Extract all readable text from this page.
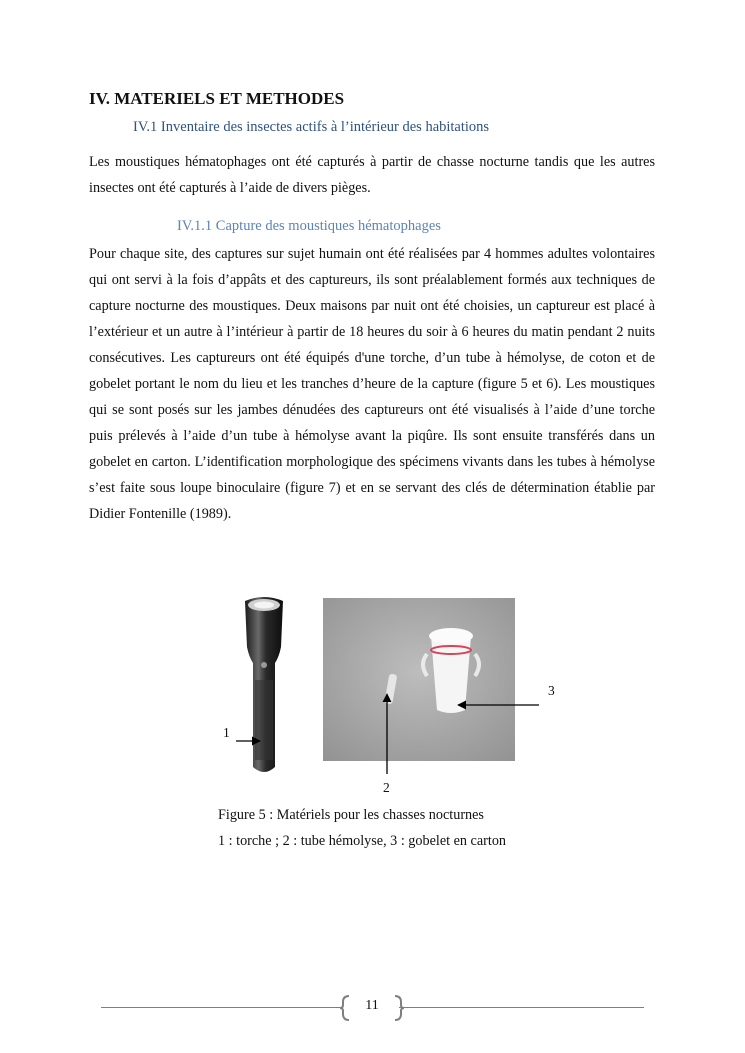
IV. MATERIELS ET METHODES
IV.1 Inventaire des insectes actifs à l’intérieur des habitations

Les moustiques hématophages ont été capturés à partir de chasse nocturne tandis que les autres insectes ont été capturés à l’aide de divers pièges.

IV.1.1 Capture des moustiques hématophages

Pour chaque site, des captures sur sujet humain ont été réalisées par 4 hommes adultes volontaires qui ont servi à la fois d’appâts et des captureurs, ils sont préalablement formés aux techniques de capture nocturne des moustiques. Deux maisons par nuit ont été choisies, un captureur est placé à l’extérieur et un autre à l’intérieur à partir de 18 heures du soir à 6 heures du matin pendant 2 nuits consécutives. Les captureurs ont été équipés d'une torche, d’un tube à hémolyse, de coton et de gobelet portant le nom du lieu et les tranches d’heure de la capture (figure 5 et 6). Les moustiques qui se sont posés sur les jambes dénudées des captureurs ont été visualisés à l’aide d’une torche puis prélevés à l’aide d’un tube à hémolyse avant la piqûre. Ils sont ensuite transférés dans un gobelet en carton. L’identification morphologique des spécimens vivants dans les tubes à hémolyse s’est faite sous loupe binoculaire (figure 7) et en se servant des clés de détermination établie par Didier Fontenille (1989).

1
2
3
Figure 5 : Matériels pour les chasses nocturnes
1 : torche ; 2 : tube hémolyse, 3 : gobelet en carton
11
